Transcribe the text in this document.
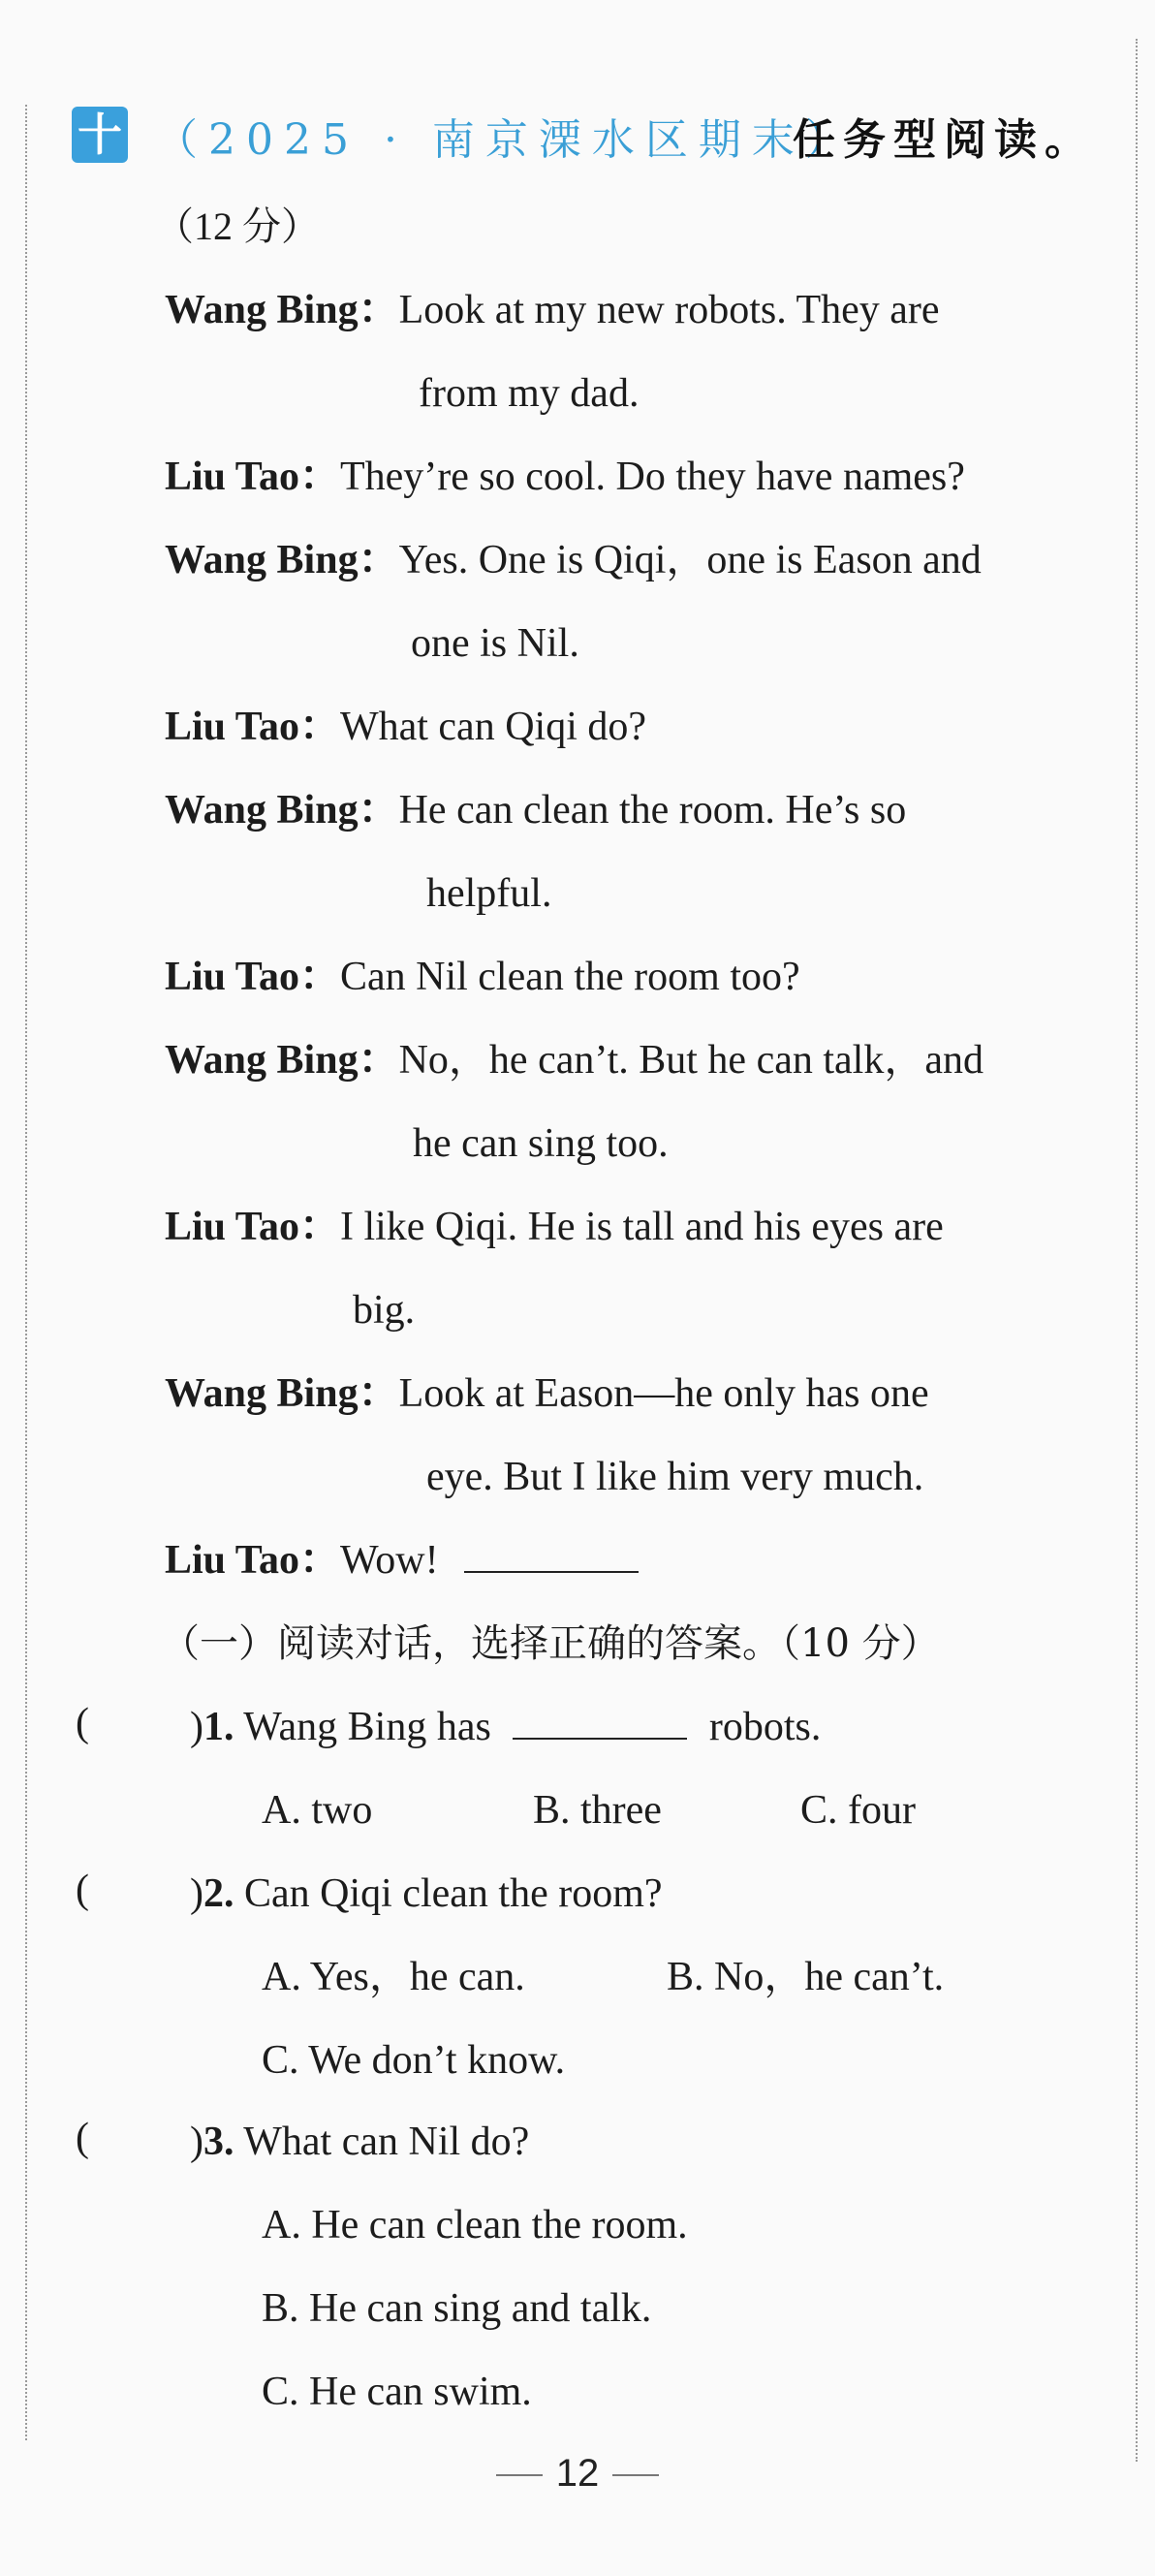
十 （2025 · 南京溧水区期末）
任务型阅读。
（12 分）
Wang Bing：Look at my new robots. They are
from my dad.
Liu Tao：They’re so cool. Do they have names?
Wang Bing：Yes. One is Qiqi，one is Eason and
one is Nil.
Liu Tao：What can Qiqi do?
Wang Bing：He can clean the room. He’s so
helpful.
Liu Tao：Can Nil clean the room too?
Wang Bing：No，he can’t. But he can talk，and
he can sing too.
Liu Tao：I like Qiqi. He is tall and his eyes are
big.
Wang Bing：Look at Eason—he only has one
eye. But I like him very much.
Liu Tao：Wow!
（一）阅读对话，选择正确的答案。（10 分）
( )1. Wang Bing has	robots.
A. two	B. three	C. four
( )2. Can Qiqi clean the room?
A. Yes，he can.	B. No，he can’t.
C. We don’t know.
( )3. What can Nil do?
A. He can clean the room.
B. He can sing and talk.
C. He can swim.
12
